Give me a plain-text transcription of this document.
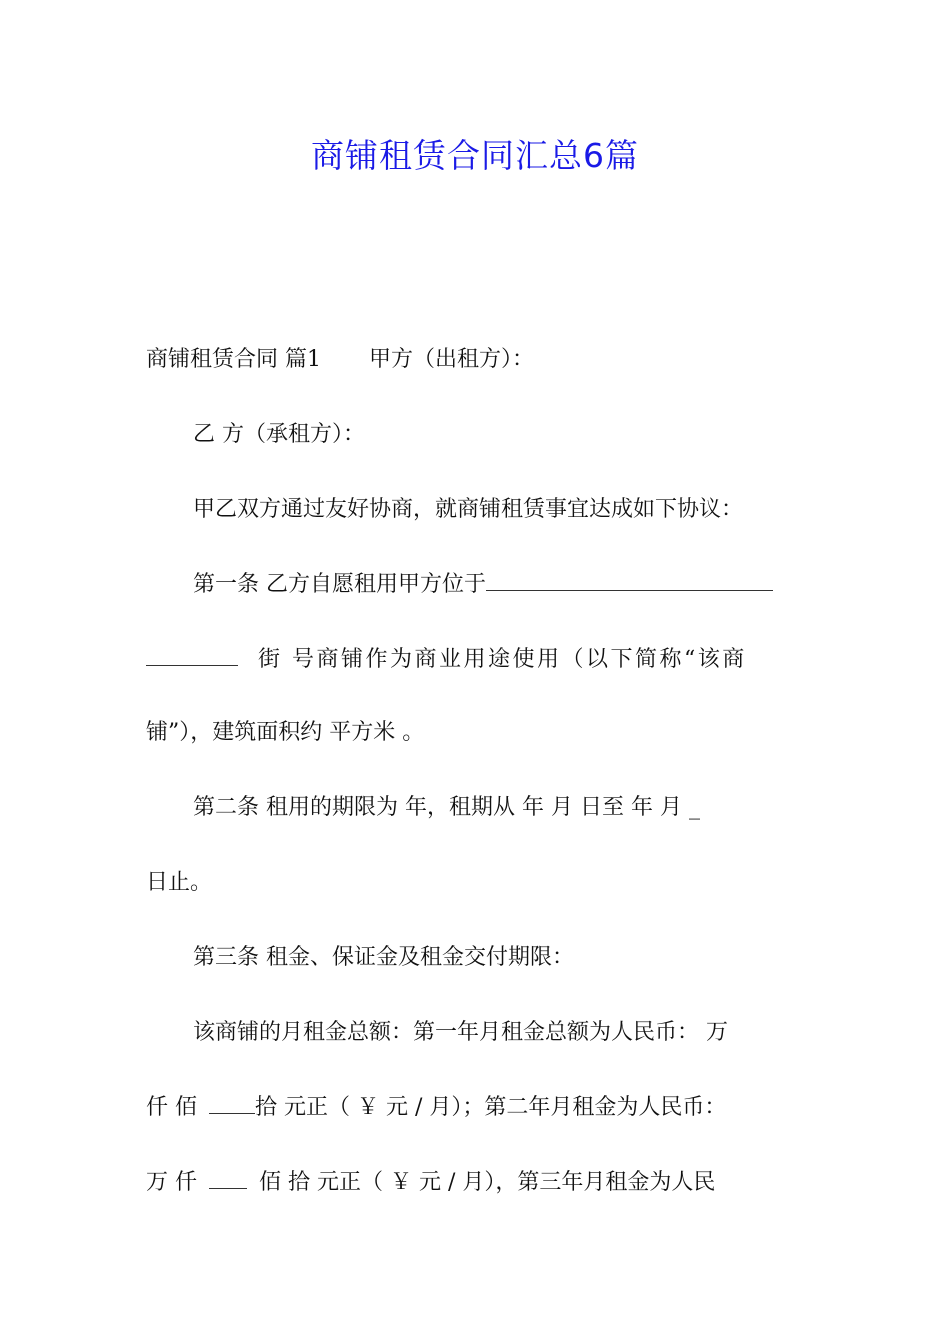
商铺租赁合同汇总6篇
商铺租赁合同 篇1 甲方（出租方）：
乙 方（承租方）：
甲乙双方通过友好协商，就商铺租赁事宜达成如下协议：
第一条 乙方自愿租用甲方位于
街 号商铺作为商业用途使用（以下简称“该商
铺”），建筑面积约 平方米 。
第二条 租用的期限为 年，租期从 年 月 日至 年 月 _
日止。
第三条 租金、保证金及租金交付期限：
该商铺的月租金总额：第一年月租金总额为人民币： 万
仟 佰	拾 元正（ ￥ 元 / 月）；第二年月租金为人民币：
万 仟	佰 拾 元正（ ￥ 元 / 月），第三年月租金为人民
